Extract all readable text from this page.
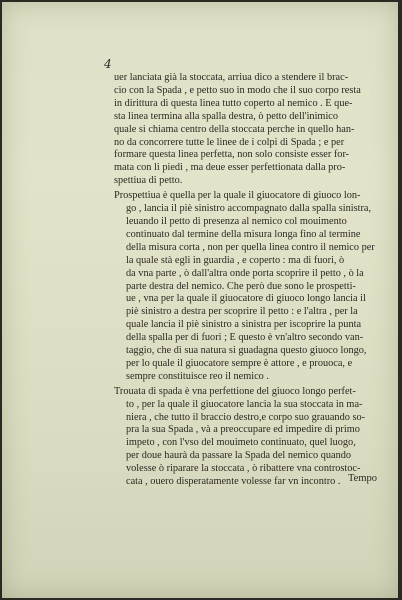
4
uer lanciata già la stoccata, arriua dico a stendere il brac-
cio con la Spada , e petto suo in modo che il suo corpo resta
in dirittura di questa linea tutto coperto al nemico . E que-
sta linea termina alla spalla destra, ò petto dell'inimico
quale si chiama centro della stoccata perche in quello han-
no da concorrere tutte le linee de i colpi di Spada ; e per
formare questa linea perfetta, non solo consiste esser for-
mata con li piedi , ma deue esser perfettionata dalla pro-
spettiua di petto.
Prospettiua è quella per la quale il giuocatore di giuoco lon-
go , lancia il piè sinistro accompagnato dalla spalla sinistra,
leuando il petto di presenza al nemico col mouimento
continuato dal termine della misura longa fino al termine
della misura corta , non per quella linea contro il nemico per
la quale stà egli in guardia , e coperto : ma di fuori, ò
da vna parte , ò dall'altra onde porta scoprire il petto , ò la
parte destra del nemico. Che però due sono le prospetti-
ue , vna per la quale il giuocatore di giuoco longo lancia il
piè sinistro a destra per scoprire il petto : e l'altra , per la
quale lancia il piè sinistro a sinistra per iscoprire la punta
della spalla per di fuori ; E questo è vn'altro secondo van-
taggio, che di sua natura si guadagna questo giuoco longo,
per lo quale il giuocatore sempre è attore , e prouoca, e
sempre constituisce reo il nemico .
Trouata di spada è vna perfettione del giuoco longo perfet-
to , per la quale il giuocatore lancia la sua stoccata in ma-
niera , che tutto il braccio destro,e corpo suo grauando so-
pra la sua Spada , và a preoccupare ed impedire di primo
impeto , con l'vso del mouimeto continuato, quel luogo,
per doue haurà da passare la Spada del nemico quando
volesse ò riparare la stoccata , ò ribattere vna controstoc-
cata , ouero disperatamente volesse far vn incontro . Tempo
